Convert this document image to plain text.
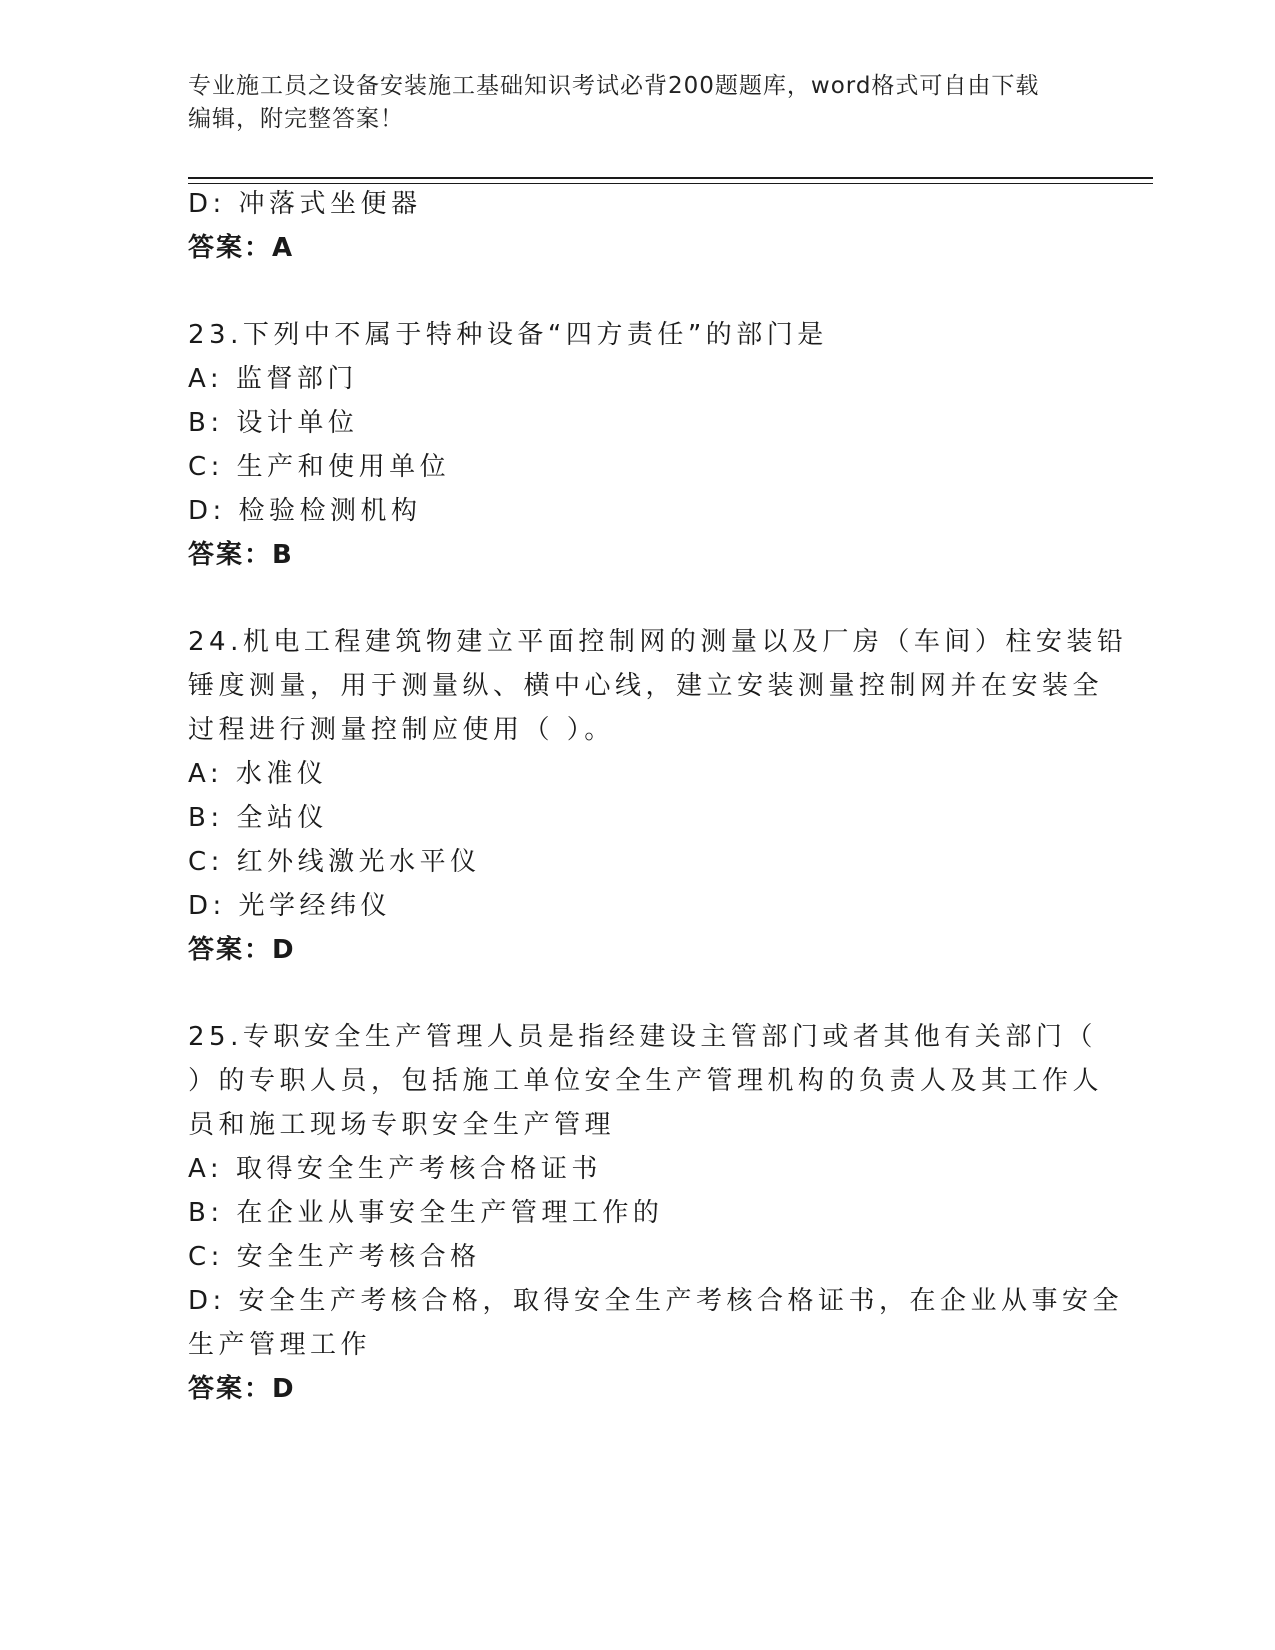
专业施工员之设备安装施工基础知识考试必背200题题库，word格式可自由下载
编辑，附完整答案！
D: 冲落式坐便器
答案：A
23.下列中不属于特种设备“四方责任”的部门是
A: 监督部门
B: 设计单位
C: 生产和使用单位
D: 检验检测机构
答案：B
24.机电工程建筑物建立平面控制网的测量以及厂房（车间）柱安装铅
锤度测量，用于测量纵、横中心线，建立安装测量控制网并在安装全
过程进行测量控制应使用（ ）。
A: 水准仪
B: 全站仪
C: 红外线激光水平仪
D: 光学经纬仪
答案：D
25.专职安全生产管理人员是指经建设主管部门或者其他有关部门（
）的专职人员，包括施工单位安全生产管理机构的负责人及其工作人
员和施工现场专职安全生产管理
A: 取得安全生产考核合格证书
B: 在企业从事安全生产管理工作的
C: 安全生产考核合格
D: 安全生产考核合格，取得安全生产考核合格证书，在企业从事安全
生产管理工作
答案：D
